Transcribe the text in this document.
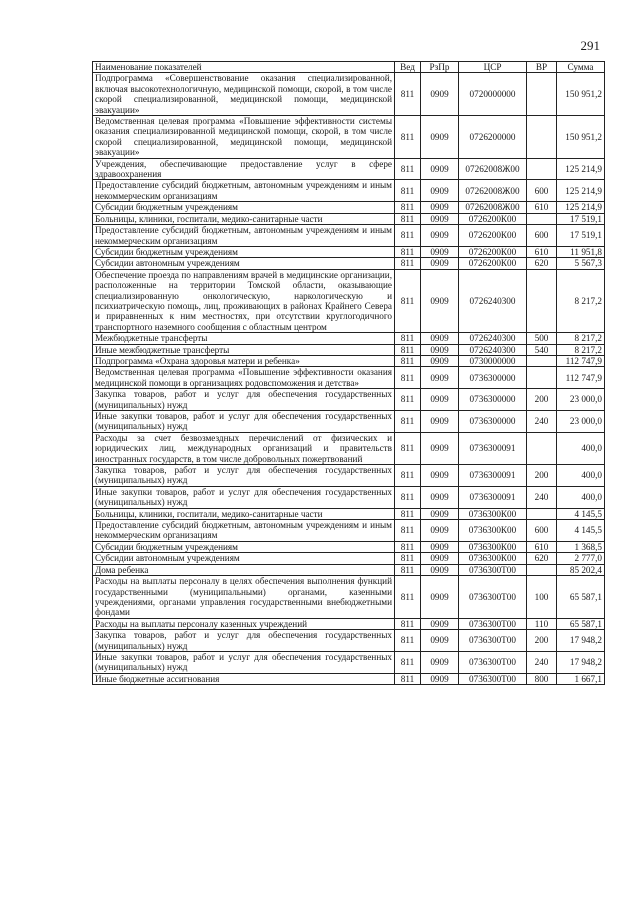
291
Наименование показателей	Вед	РзПр	ЦСР	ВР	Сумма
Подпрограмма «Совершенствование оказания специализированной, включая высокотехнологичную, медицинской помощи, скорой, в том числе скорой специализированной, медицинской помощи, медицинской эвакуации»	811	0909	0720000000		150 951,2
Ведомственная целевая программа «Повышение эффективности системы оказания специализированной медицинской помощи, скорой, в том числе скорой специализированной, медицинской помощи, медицинской эвакуации»	811	0909	0726200000		150 951,2
Учреждения, обеспечивающие предоставление услуг в сфере здравоохранения	811	0909	07262008Ж00		125 214,9
Предоставление субсидий бюджетным, автономным учреждениям и иным некоммерческим организациям	811	0909	07262008Ж00	600	125 214,9
Субсидии бюджетным учреждениям	811	0909	07262008Ж00	610	125 214,9
Больницы, клиники, госпитали, медико-санитарные части	811	0909	0726200К00		17 519,1
Предоставление субсидий бюджетным, автономным учреждениям и иным некоммерческим организациям	811	0909	0726200К00	600	17 519,1
Субсидии бюджетным учреждениям	811	0909	0726200К00	610	11 951,8
Субсидии автономным учреждениям	811	0909	0726200К00	620	5 567,3
Обеспечение проезда по направлениям врачей в медицинские организации, расположенные на территории Томской области, оказывающие специализированную онкологическую, наркологическую и психиатрическую помощь, лиц, проживающих в районах Крайнего Севера и приравненных к ним местностях, при отсутствии круглогодичного транспортного наземного сообщения с областным центром	811	0909	0726240300		8 217,2
Межбюджетные трансферты	811	0909	0726240300	500	8 217,2
Иные межбюджетные трансферты	811	0909	0726240300	540	8 217,2
Подпрограмма «Охрана здоровья матери и ребенка»	811	0909	0730000000		112 747,9
Ведомственная целевая программа «Повышение эффективности оказания медицинской помощи в организациях родовспоможения и детства»	811	0909	0736300000		112 747,9
Закупка товаров, работ и услуг для обеспечения государственных (муниципальных) нужд	811	0909	0736300000	200	23 000,0
Иные закупки товаров, работ и услуг для обеспечения государственных (муниципальных) нужд	811	0909	0736300000	240	23 000,0
Расходы за счет безвозмездных перечислений от физических и юридических лиц, международных организаций и правительств иностранных государств, в том числе добровольных пожертвований	811	0909	0736300091		400,0
Закупка товаров, работ и услуг для обеспечения государственных (муниципальных) нужд	811	0909	0736300091	200	400,0
Иные закупки товаров, работ и услуг для обеспечения государственных (муниципальных) нужд	811	0909	0736300091	240	400,0
Больницы, клиники, госпитали, медико-санитарные части	811	0909	0736300К00		4 145,5
Предоставление субсидий бюджетным, автономным учреждениям и иным некоммерческим организациям	811	0909	0736300К00	600	4 145,5
Субсидии бюджетным учреждениям	811	0909	0736300К00	610	1 368,5
Субсидии автономным учреждениям	811	0909	0736300К00	620	2 777,0
Дома ребенка	811	0909	0736300Т00		85 202,4
Расходы на выплаты персоналу в целях обеспечения выполнения функций государственными (муниципальными) органами, казенными учреждениями, органами управления государственными внебюджетными фондами	811	0909	0736300Т00	100	65 587,1
Расходы на выплаты персоналу казенных учреждений	811	0909	0736300Т00	110	65 587,1
Закупка товаров, работ и услуг для обеспечения государственных (муниципальных) нужд	811	0909	0736300Т00	200	17 948,2
Иные закупки товаров, работ и услуг для обеспечения государственных (муниципальных) нужд	811	0909	0736300Т00	240	17 948,2
Иные бюджетные ассигнования	811	0909	0736300Т00	800	1 667,1
